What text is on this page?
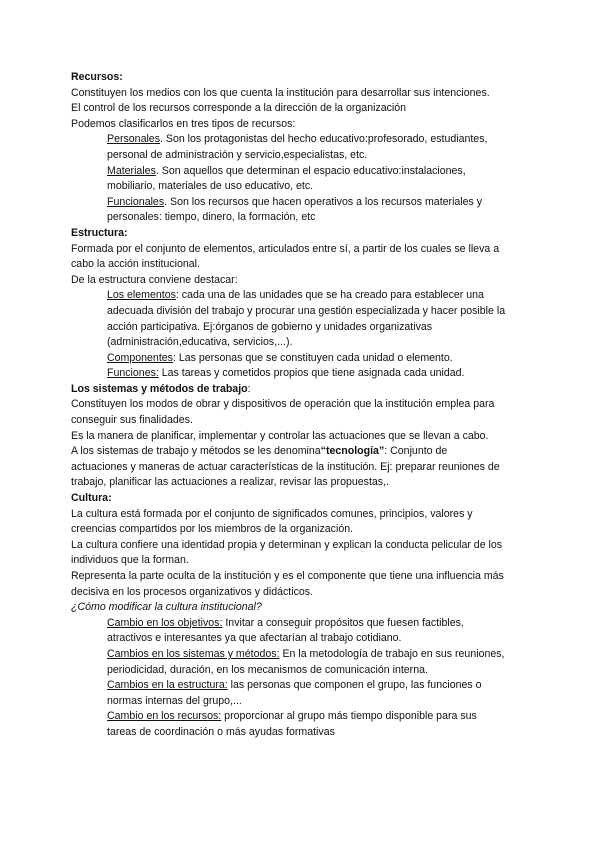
Recursos:

Constituyen los medios con los que cuenta la institución para desarrollar sus intenciones.

El control de los recursos corresponde a la dirección de la organización

Podemos clasificarlos en tres tipos de recursos:

Personales. Son los protagonistas del hecho educativo:profesorado, estudiantes,

personal de administración y servicio,especialistas, etc.

Materiales. Son aquellos que determinan el espacio educativo:instalaciones,

mobiliario, materiales de uso educativo, etc.

Funcionales. Son los recursos que hacen operativos a los recursos materiales y

personales: tiempo, dinero, la formación, etc

Estructura:

Formada por el conjunto de elementos, articulados entre sí, a partir de los cuales se lleva a

cabo la acción institucional.

De la estructura conviene destacar:

Los elementos: cada una de las unidades que se ha creado para establecer una

adecuada división del trabajo y procurar una gestión especializada y hacer posible la

acción participativa. Ej:órganos de gobierno y unidades organizativas

(administración,educativa, servicios,...).

Componentes: Las personas que se constituyen cada unidad o elemento.

Funciones: Las tareas y cometidos propios que tiene asignada cada unidad.

Los sistemas y métodos de trabajo:

Constituyen los modos de obrar y dispositivos de operación que la institución emplea para

conseguir sus finalidades.

Es la manera de planificar, implementar y controlar las actuaciones que se llevan a cabo.

A los sistemas de trabajo y métodos se les denomina“tecnología”: Conjunto de

actuaciones y maneras de actuar características de la institución. Ej: preparar reuniones de

trabajo, planificar las actuaciones a realizar, revisar las propuestas,.

Cultura:

La cultura está formada por el conjunto de significados comunes, principios, valores y

creencias compartidos por los miembros de la organización.

La cultura confiere una identidad propia y determinan y explican la conducta pelicular de los

individuos que la forman.

Representa la parte oculta de la institución y es el componente que tiene una influencia más

decisiva en los procesos organizativos y didácticos.

¿Cómo modificar la cultura institucional?

Cambio en los objetivos: Invitar a conseguir propósitos que fuesen factibles,

atractivos e interesantes ya que afectarían al trabajo cotidiano.

Cambios en los sistemas y métodos: En la metodología de trabajo en sus reuniones,

periodicidad, duración, en los mecanismos de comunicación interna.

Cambios en la estructura: las personas que componen el grupo, las funciones o

normas internas del grupo,...

Cambio en los recursos: proporcionar al grupo más tiempo disponible para sus

tareas de coordinación o más ayudas formativas
